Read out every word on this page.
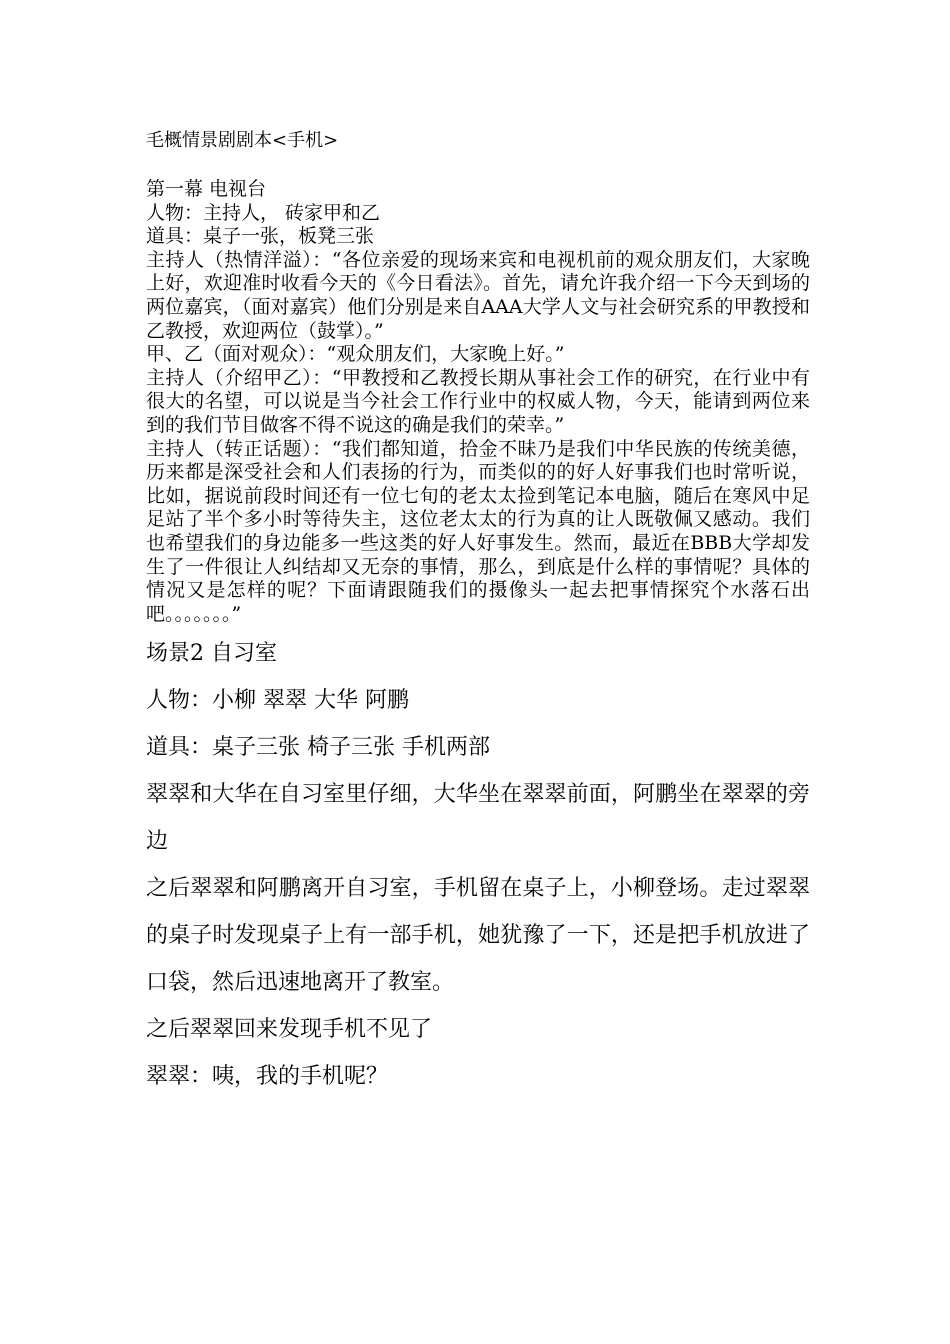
毛概情景剧剧本<手机>

第一幕 电视台

人物：主持人， 砖家甲和乙

道具：桌子一张，板凳三张

主持人（热情洋溢）：“各位亲爱的现场来宾和电视机前的观众朋友们，大家晚上好，欢迎准时收看今天的《今日看法》。首先，请允许我介绍一下今天到场的两位嘉宾，（面对嘉宾）他们分别是来自AAA大学人文与社会研究系的甲教授和乙教授，欢迎两位（鼓掌）。”

甲、乙（面对观众）：“观众朋友们，大家晚上好。”

主持人（介绍甲乙）：“甲教授和乙教授长期从事社会工作的研究，在行业中有很大的名望，可以说是当今社会工作行业中的权威人物，今天，能请到两位来到的我们节目做客不得不说这的确是我们的荣幸。”

主持人（转正话题）：“我们都知道，拾金不昧乃是我们中华民族的传统美德，历来都是深受社会和人们表扬的行为，而类似的的好人好事我们也时常听说，比如，据说前段时间还有一位七旬的老太太捡到笔记本电脑，随后在寒风中足足站了半个多小时等待失主，这位老太太的行为真的让人既敬佩又感动。我们也希望我们的身边能多一些这类的好人好事发生。然而，最近在BBB大学却发生了一件很让人纠结却又无奈的事情，那么，到底是什么样的事情呢？具体的情况又是怎样的呢？下面请跟随我们的摄像头一起去把事情探究个水落石出吧。。。。。。。”

场景2 自习室

人物：小柳 翠翠 大华 阿鹏

道具：桌子三张 椅子三张 手机两部

翠翠和大华在自习室里仔细，大华坐在翠翠前面，阿鹏坐在翠翠的旁边

之后翠翠和阿鹏离开自习室，手机留在桌子上，小柳登场。走过翠翠的桌子时发现桌子上有一部手机，她犹豫了一下，还是把手机放进了口袋，然后迅速地离开了教室。

之后翠翠回来发现手机不见了

翠翠：咦，我的手机呢？
